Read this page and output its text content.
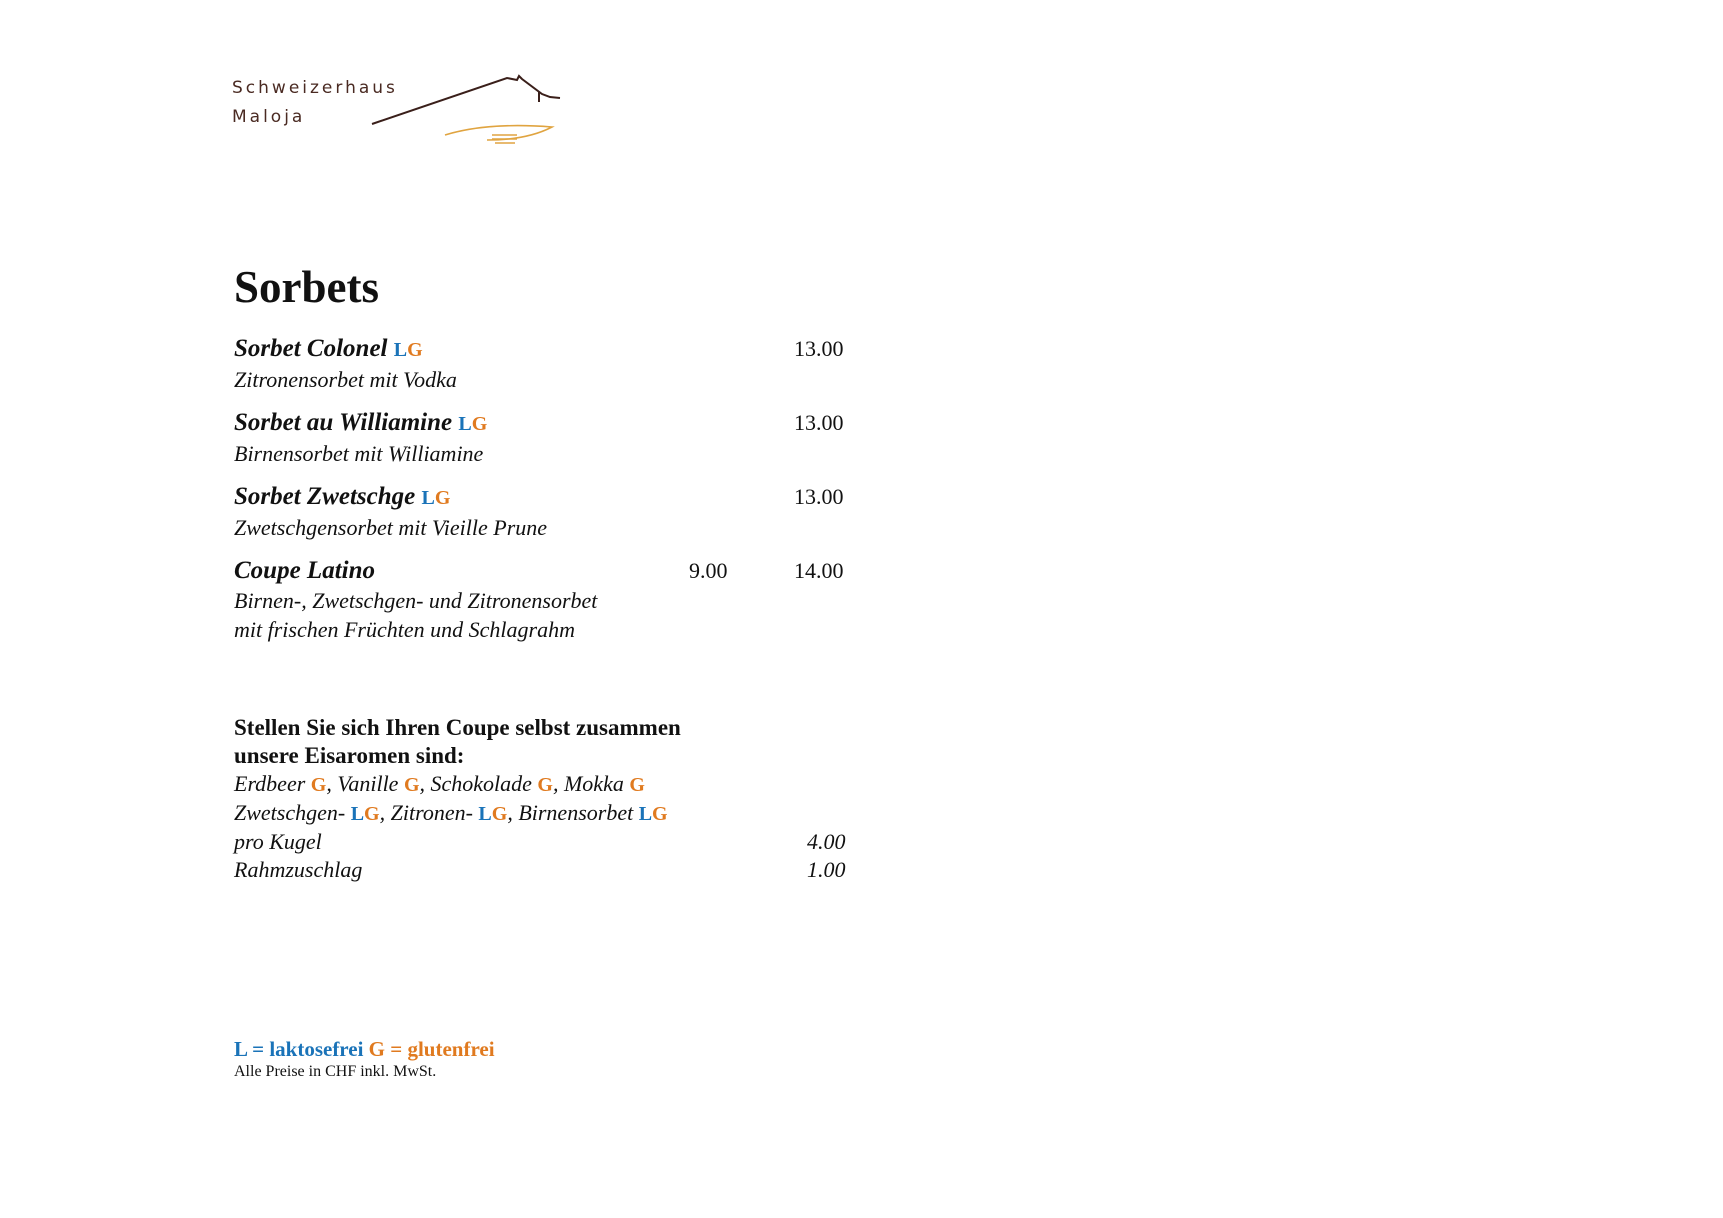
Schweizerhaus
Maloja
Sorbets
Sorbet Colonel LG
Zitronensorbet mit Vodka
13.00
Sorbet au Williamine LG
Birnensorbet mit Williamine
13.00
Sorbet Zwetschge LG
Zwetschgensorbet mit Vieille Prune
13.00
Coupe Latino
Birnen-, Zwetschgen- und Zitronensorbet
mit frischen Früchten und Schlagrahm
9.00	14.00
Stellen Sie sich Ihren Coupe selbst zusammen
unsere Eisaromen sind:
Erdbeer G, Vanille G, Schokolade G, Mokka G
Zwetschgen- LG, Zitronen- LG, Birnensorbet LG
pro Kugel	4.00
Rahmzuschlag	1.00
L = laktosefrei G = glutenfrei
Alle Preise in CHF inkl. MwSt.
